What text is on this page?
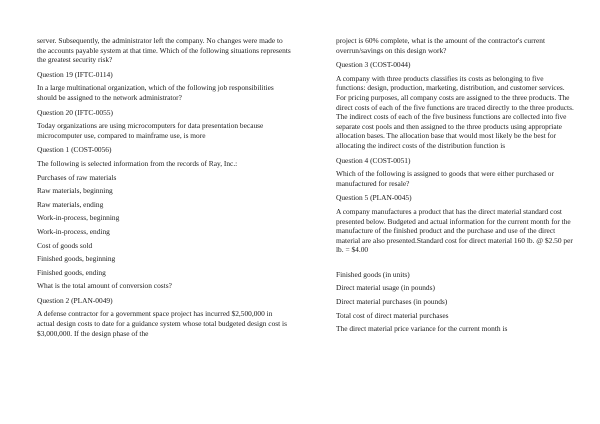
server. Subsequently, the administrator left the company. No changes were made to the accounts payable system at that time. Which of the following situations represents the greatest security risk?

Question 19 (IFTC-0114)

In a large multinational organization, which of the following job responsibilities should be assigned to the network administrator?

Question 20 (IFTC-0055)

Today organizations are using microcomputers for data presentation because microcomputer use, compared to mainframe use, is more

Question 1 (COST-0056)

The following is selected information from the records of Ray, Inc.:

Purchases of raw materials

Raw materials, beginning

Raw materials, ending

Work-in-process, beginning

Work-in-process, ending

Cost of goods sold

Finished goods, beginning

Finished goods, ending

What is the total amount of conversion costs?

Question 2 (PLAN-0049)

A defense contractor for a government space project has incurred $2,500,000 in actual design costs to date for a guidance system whose total budgeted design cost is $3,000,000. If the design phase of the

project is 60% complete, what is the amount of the contractor's current overrun/savings on this design work?

Question 3 (COST-0044)

A company with three products classifies its costs as belonging to five functions: design, production, marketing, distribution, and customer services. For pricing purposes, all company costs are assigned to the three products. The direct costs of each of the five functions are traced directly to the three products. The indirect costs of each of the five business functions are collected into five separate cost pools and then assigned to the three products using appropriate allocation bases. The allocation base that would most likely be the best for allocating the indirect costs of the distribution function is

Question 4 (COST-0051)

Which of the following is assigned to goods that were either purchased or manufactured for resale?

Question 5 (PLAN-0045)

A company manufactures a product that has the direct material standard cost presented below. Budgeted and actual information for the current month for the manufacture of the finished product and the purchase and use of the direct material are also presented.Standard cost for direct material 160 lb. @ $2.50 per lb. = $4.00

Finished goods (in units)

Direct material usage (in pounds)

Direct material purchases (in pounds)

Total cost of direct material purchases

The direct material price variance for the current month is
